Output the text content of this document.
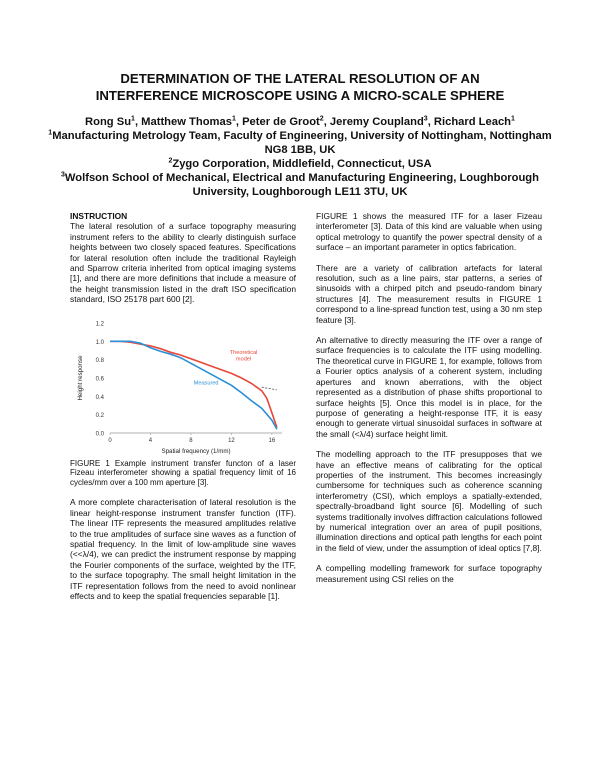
DETERMINATION OF THE LATERAL RESOLUTION OF AN
INTERFERENCE MICROSCOPE USING A MICRO-SCALE SPHERE
Rong Su$^1$, Matthew Thomas$^1$, Peter de Groot$^2$, Jeremy Coupland$^3$, Richard Leach$^1$
$^1$Manufacturing Metrology Team, Faculty of Engineering, University of Nottingham, Nottingham NG8 1BB, UK
$^2$Zygo Corporation, Middlefield, Connecticut, USA
$^3$Wolfson School of Mechanical, Electrical and Manufacturing Engineering, Loughborough University, Loughborough LE11 3TU, UK
INSTRUCTION

The lateral resolution of a surface topography measuring instrument refers to the ability to clearly distinguish surface heights between two closely spaced features. Specifications for lateral resolution often include the traditional Rayleigh and Sparrow criteria inherited from optical imaging systems [1], and there are more definitions that include a measure of the height transmission listed in the draft ISO specification standard, ISO 25178 part 600 [2].

0.0
0.2
0.4
0.6
0.8
1.0
1.2
0	4	8	12	16
Spatial frequency (1/mm)
Height response
Theoretical model
Measured
FIGURE 1 Example instrument transfer functon of a laser Fizeau interferometer showing a spatial frequency limit of 16 cycles/mm over a 100 mm aperture [3].

A more complete characterisation of lateral resolution is the linear height-response instrument transfer function (ITF). The linear ITF represents the measured amplitudes relative to the true amplitudes of surface sine waves as a function of spatial frequency. In the limit of low-amplitude sine waves (<<λ/4), we can predict the instrument response by mapping the Fourier components of the surface, weighted by the ITF, to the surface topography. The small height limitation in the ITF representation follows from the need to avoid nonlinear effects and to keep the spatial frequencies separable [1].

FIGURE 1 shows the measured ITF for a laser Fizeau interferometer [3]. Data of this kind are valuable when using optical metrology to quantify the power spectral density of a surface – an important parameter in optics fabrication.

There are a variety of calibration artefacts for lateral resolution, such as a line pairs, star patterns, a series of sinusoids with a chirped pitch and pseudo-random binary structures [4]. The measurement results in FIGURE 1 correspond to a line-spread function test, using a 30 nm step feature [3].

An alternative to directly measuring the ITF over a range of surface frequencies is to calculate the ITF using modelling. The theoretical curve in FIGURE 1, for example, follows from a Fourier optics analysis of a coherent system, including apertures and known aberrations, with the object represented as a distribution of phase shifts proportional to surface heights [5]. Once this model is in place, for the purpose of generating a height-response ITF, it is easy enough to generate virtual sinusoidal surfaces in software at the small (<λ/4) surface height limit.

The modelling approach to the ITF presupposes that we have an effective means of calibrating for the optical properties of the instrument. This becomes increasingly cumbersome for techniques such as coherence scanning interferometry (CSI), which employs a spatially-extended, spectrally-broadband light source [6]. Modelling of such systems traditionally involves diffraction calculations followed by numerical integration over an area of pupil positions, illumination directions and optical path lengths for each point in the field of view, under the assumption of ideal optics [7,8].

A compelling modelling framework for surface topography measurement using CSI relies on the
